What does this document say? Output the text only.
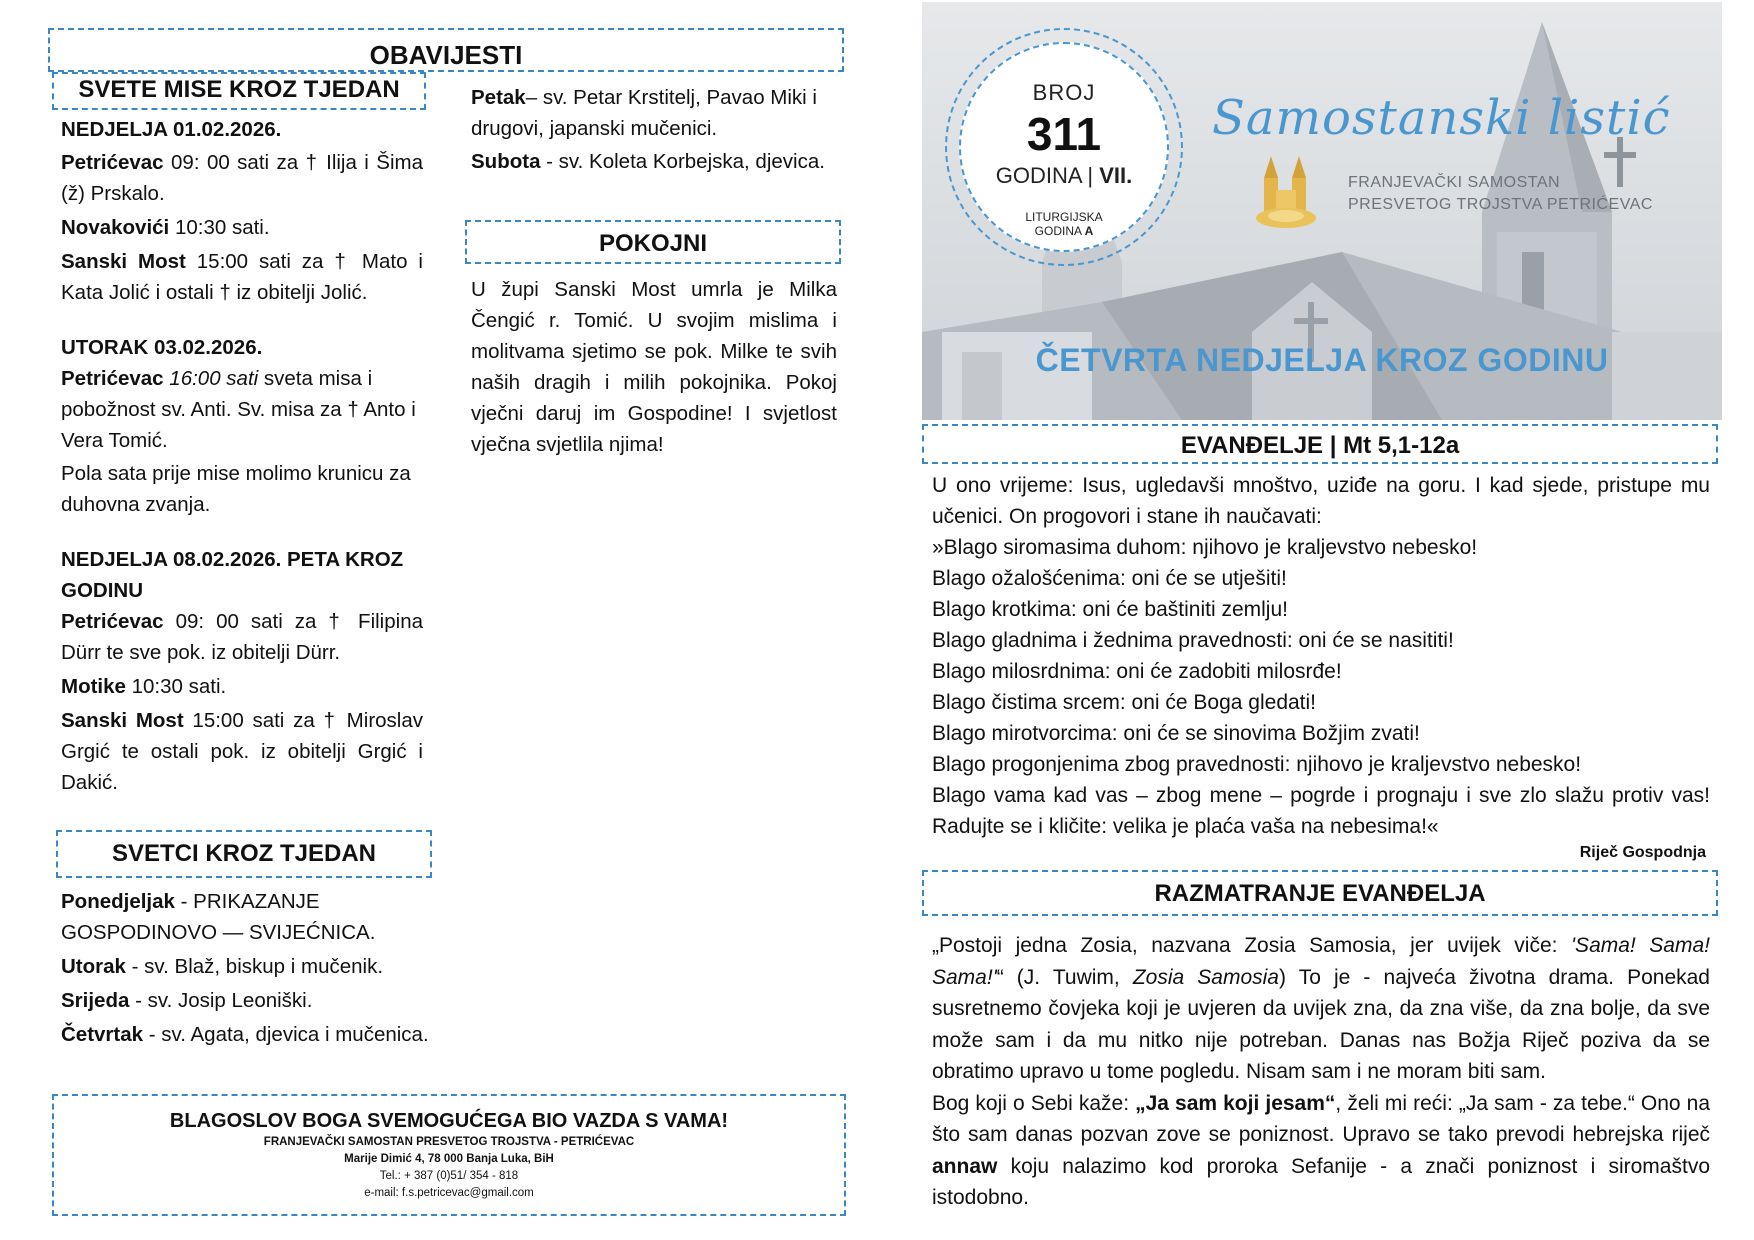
OBAVIJESTI
SVETE MISE KROZ TJEDAN

NEDJELJA 01.02.2026.

Petrićevac 09: 00 sati za † Ilija i Šima (ž) Prskalo.

Novakovići 10:30 sati.

Sanski Most 15:00 sati za † Mato i Kata Jolić i ostali † iz obitelji Jolić.

UTORAK 03.02.2026.

Petrićevac 16:00 sati sveta misa i pobožnost sv. Anti. Sv. misa za † Anto i Vera Tomić.

Pola sata prije mise molimo krunicu za duhovna zvanja.

NEDJELJA 08.02.2026. PETA KROZ GODINU

Petrićevac 09: 00 sati za † Filipina Dürr te sve pok. iz obitelji Dürr.

Motike 10:30 sati.

Sanski Most 15:00 sati za † Miroslav Grgić te ostali pok. iz obitelji Grgić i Dakić.

SVETCI KROZ TJEDAN

Ponedjeljak - PRIKAZANJE GOSPODINOVO — SVIJEĆNICA.

Utorak - sv. Blaž, biskup i mučenik.

Srijeda - sv. Josip Leoniški.

Četvrtak - sv. Agata, djevica i mučenica.

Petak– sv. Petar Krstitelj, Pavao Miki i drugovi, japanski mučenici.

Subota - sv. Koleta Korbejska, djevica.

POKOJNI
U župi Sanski Most umrla je Milka Čengić r. Tomić. U svojim mislima i molitvama sjetimo se pok. Milke te svih naših dragih i milih pokojnika. Pokoj vječni daruj im Gospodine! I svjetlost vječna svjetlila njima!
BLAGOSLOV BOGA SVEMOGUĆEGA BIO VAZDA S VAMA!
FRANJEVAČKI SAMOSTAN PRESVETOG TROJSTVA - PETRIĆEVAC
Marije Dimić 4, 78 000 Banja Luka, BiH
Tel.: + 387 (0)51/ 354 - 818
e-mail: f.s.petricevac@gmail.com
BROJ
311
GODINA | VII.
LITURGIJSKA
GODINA A
Samostanski listić
FRANJEVAČKI SAMOSTAN
PRESVETOG TROJSTVA PETRIĆEVAC
ČETVRTA NEDJELJA KROZ GODINU
EVANĐELJE | Mt 5,1-12a

U ono vrijeme: Isus, ugledavši mnoštvo, uziđe na goru. I kad sjede, pristupe mu učenici. On progovori i stane ih naučavati:

»Blago siromasima duhom: njihovo je kraljevstvo nebesko!

Blago ožalošćenima: oni će se utješiti!

Blago krotkima: oni će baštiniti zemlju!

Blago gladnima i žednima pravednosti: oni će se nasititi!

Blago milosrdnima: oni će zadobiti milosrđe!

Blago čistima srcem: oni će Boga gledati!

Blago mirotvorcima: oni će se sinovima Božjim zvati!

Blago progonjenima zbog pravednosti: njihovo je kraljevstvo nebesko!

Blago vama kad vas – zbog mene – pogrde i prognaju i sve zlo slažu protiv vas! Radujte se i kličite: velika je plaća vaša na nebesima!«

Riječ Gospodnja

RAZMATRANJE EVANĐELJA

„Postoji jedna Zosia, nazvana Zosia Samosia, jer uvijek viče: 'Sama! Sama! Sama!'“ (J. Tuwim, Zosia Samosia) To je - najveća životna drama. Ponekad susretnemo čovjeka koji je uvjeren da uvijek zna, da zna više, da zna bolje, da sve može sam i da mu nitko nije potreban. Danas nas Božja Riječ poziva da se obratimo upravo u tome pogledu. Nisam sam i ne moram biti sam.

Bog koji o Sebi kaže: „Ja sam koji jesam“, želi mi reći: „Ja sam - za tebe.“ Ono na što sam danas pozvan zove se poniznost. Upravo se tako prevodi hebrejska riječ annaw koju nalazimo kod proroka Sefanije - a znači poniznost i siromaštvo istodobno.
